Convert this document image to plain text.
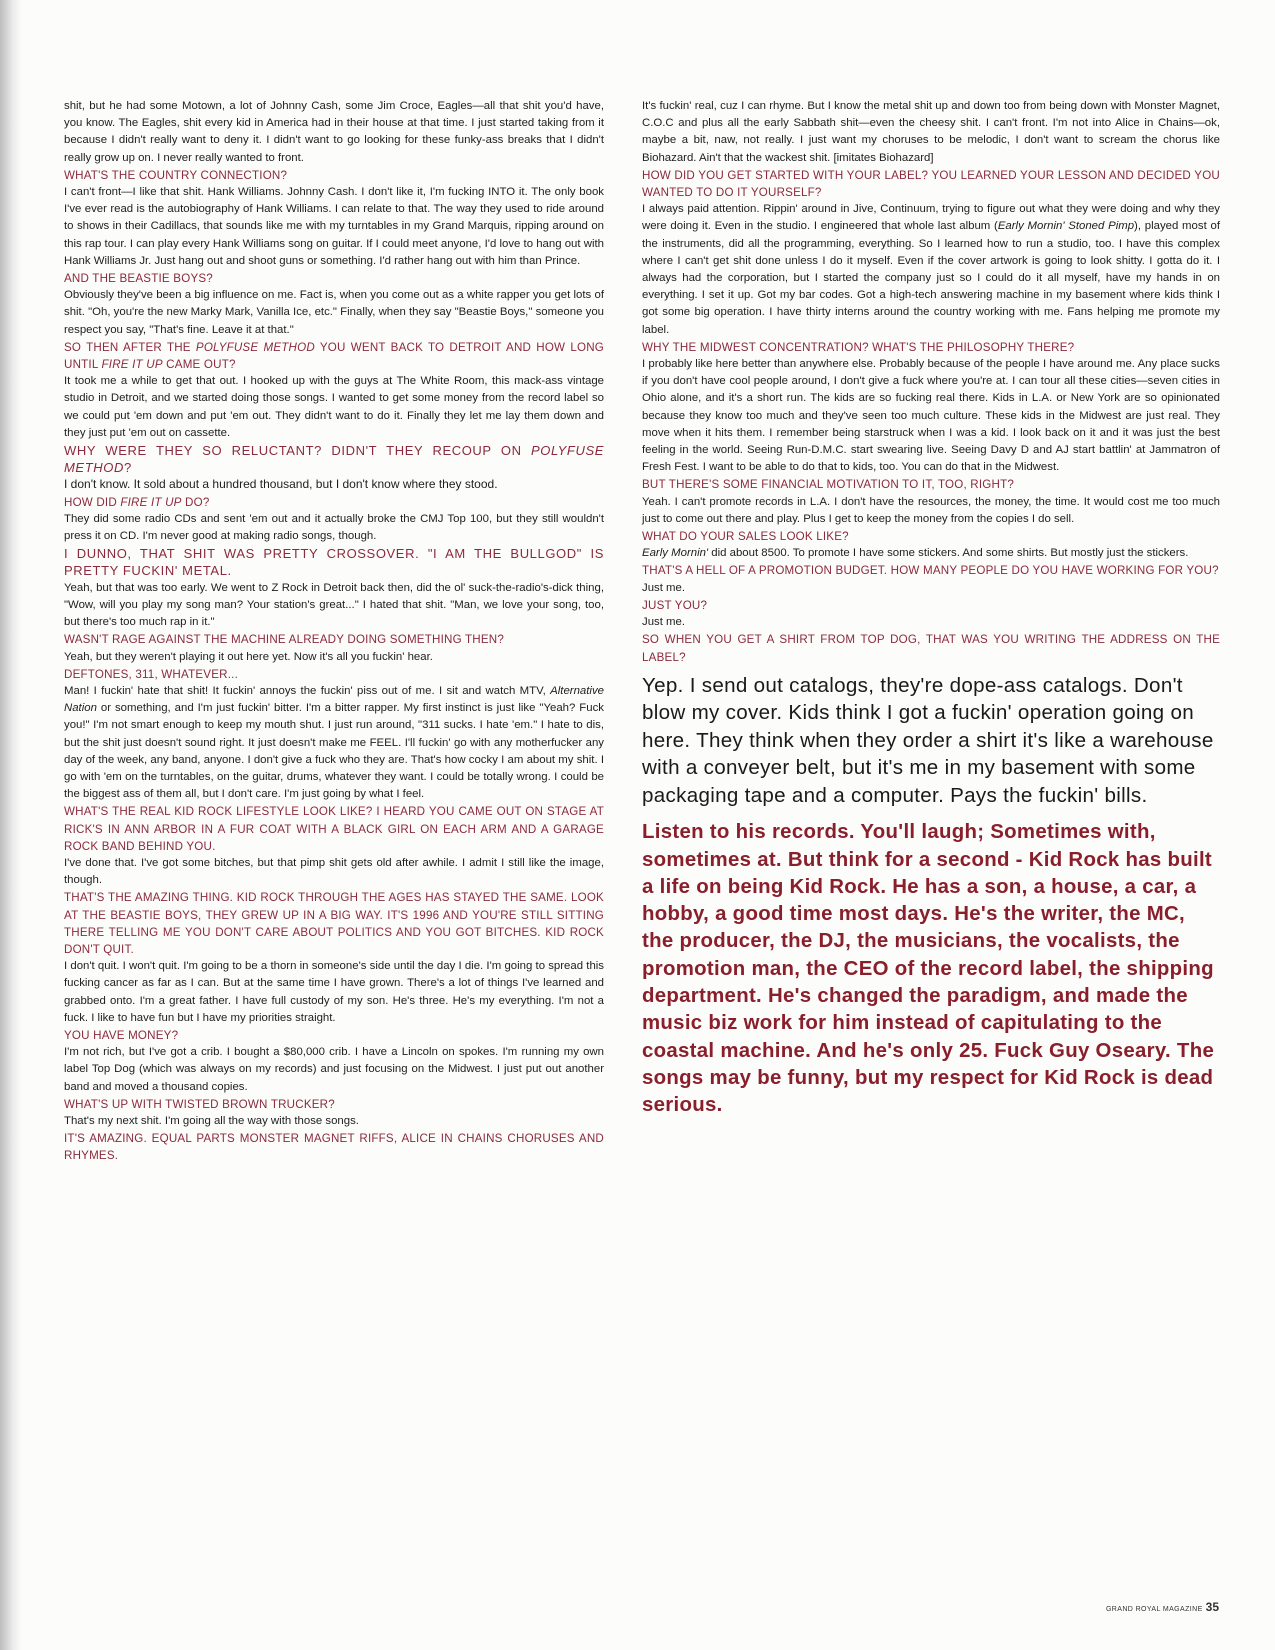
shit, but he had some Motown, a lot of Johnny Cash, some Jim Croce, Eagles—all that shit you'd have, you know. The Eagles, shit every kid in America had in their house at that time. I just started taking from it because I didn't really want to deny it. I didn't want to go looking for these funky-ass breaks that I didn't really grow up on. I never really wanted to front.

WHAT'S THE COUNTRY CONNECTION?

I can't front—I like that shit. Hank Williams. Johnny Cash. I don't like it, I'm fucking INTO it. The only book I've ever read is the autobiography of Hank Williams. I can relate to that. The way they used to ride around to shows in their Cadillacs, that sounds like me with my turntables in my Grand Marquis, ripping around on this rap tour. I can play every Hank Williams song on guitar. If I could meet anyone, I'd love to hang out with Hank Williams Jr. Just hang out and shoot guns or something. I'd rather hang out with him than Prince.

AND THE BEASTIE BOYS?

Obviously they've been a big influence on me. Fact is, when you come out as a white rapper you get lots of shit. "Oh, you're the new Marky Mark, Vanilla Ice, etc." Finally, when they say "Beastie Boys," someone you respect you say, "That's fine. Leave it at that."

SO THEN AFTER THE POLYFUSE METHOD YOU WENT BACK TO DETROIT AND HOW LONG UNTIL FIRE IT UP CAME OUT?

It took me a while to get that out. I hooked up with the guys at The White Room, this mack-ass vintage studio in Detroit, and we started doing those songs. I wanted to get some money from the record label so we could put 'em down and put 'em out. They didn't want to do it. Finally they let me lay them down and they just put 'em out on cassette.

WHY WERE THEY SO RELUCTANT? DIDN'T THEY RECOUP ON POLYFUSE METHOD?

I don't know. It sold about a hundred thousand, but I don't know where they stood.

HOW DID FIRE IT UP DO?

They did some radio CDs and sent 'em out and it actually broke the CMJ Top 100, but they still wouldn't press it on CD. I'm never good at making radio songs, though.

I DUNNO, THAT SHIT WAS PRETTY CROSSOVER. "I AM THE BULLGOD" IS PRETTY FUCKIN' METAL.

Yeah, but that was too early. We went to Z Rock in Detroit back then, did the ol' suck-the-radio's-dick thing, "Wow, will you play my song man? Your station's great..." I hated that shit. "Man, we love your song, too, but there's too much rap in it."

WASN'T RAGE AGAINST THE MACHINE ALREADY DOING SOMETHING THEN?

Yeah, but they weren't playing it out here yet. Now it's all you fuckin' hear.

DEFTONES, 311, WHATEVER...

Man! I fuckin' hate that shit! It fuckin' annoys the fuckin' piss out of me. I sit and watch MTV, Alternative Nation or something, and I'm just fuckin' bitter. I'm a bitter rapper. My first instinct is just like "Yeah? Fuck you!" I'm not smart enough to keep my mouth shut. I just run around, "311 sucks. I hate 'em." I hate to dis, but the shit just doesn't sound right. It just doesn't make me FEEL. I'll fuckin' go with any motherfucker any day of the week, any band, anyone. I don't give a fuck who they are. That's how cocky I am about my shit. I go with 'em on the turntables, on the guitar, drums, whatever they want. I could be totally wrong. I could be the biggest ass of them all, but I don't care. I'm just going by what I feel.

WHAT'S THE REAL KID ROCK LIFESTYLE LOOK LIKE? I HEARD YOU CAME OUT ON STAGE AT RICK'S IN ANN ARBOR IN A FUR COAT WITH A BLACK GIRL ON EACH ARM AND A GARAGE ROCK BAND BEHIND YOU.

I've done that. I've got some bitches, but that pimp shit gets old after awhile. I admit I still like the image, though.

THAT'S THE AMAZING THING. KID ROCK THROUGH THE AGES HAS STAYED THE SAME. LOOK AT THE BEASTIE BOYS, THEY GREW UP IN A BIG WAY. IT'S 1996 AND YOU'RE STILL SITTING THERE TELLING ME YOU DON'T CARE ABOUT POLITICS AND YOU GOT BITCHES. KID ROCK DON'T QUIT.

I don't quit. I won't quit. I'm going to be a thorn in someone's side until the day I die. I'm going to spread this fucking cancer as far as I can. But at the same time I have grown. There's a lot of things I've learned and grabbed onto. I'm a great father. I have full custody of my son. He's three. He's my everything. I'm not a fuck. I like to have fun but I have my priorities straight.

YOU HAVE MONEY?

I'm not rich, but I've got a crib. I bought a $80,000 crib. I have a Lincoln on spokes. I'm running my own label Top Dog (which was always on my records) and just focusing on the Midwest. I just put out another band and moved a thousand copies.

WHAT'S UP WITH TWISTED BROWN TRUCKER?

That's my next shit. I'm going all the way with those songs.

IT'S AMAZING. EQUAL PARTS MONSTER MAGNET RIFFS, ALICE IN CHAINS CHORUSES AND RHYMES.

It's fuckin' real, cuz I can rhyme. But I know the metal shit up and down too from being down with Monster Magnet, C.O.C and plus all the early Sabbath shit—even the cheesy shit. I can't front. I'm not into Alice in Chains—ok, maybe a bit, naw, not really. I just want my choruses to be melodic, I don't want to scream the chorus like Biohazard. Ain't that the wackest shit. [imitates Biohazard]

HOW DID YOU GET STARTED WITH YOUR LABEL? YOU LEARNED YOUR LESSON AND DECIDED YOU WANTED TO DO IT YOURSELF?

I always paid attention. Rippin' around in Jive, Continuum, trying to figure out what they were doing and why they were doing it. Even in the studio. I engineered that whole last album (Early Mornin' Stoned Pimp), played most of the instruments, did all the programming, everything. So I learned how to run a studio, too. I have this complex where I can't get shit done unless I do it myself. Even if the cover artwork is going to look shitty. I gotta do it. I always had the corporation, but I started the company just so I could do it all myself, have my hands in on everything. I set it up. Got my bar codes. Got a high-tech answering machine in my basement where kids think I got some big operation. I have thirty interns around the country working with me. Fans helping me promote my label.

WHY THE MIDWEST CONCENTRATION? WHAT'S THE PHILOSOPHY THERE?

I probably like here better than anywhere else. Probably because of the people I have around me. Any place sucks if you don't have cool people around, I don't give a fuck where you're at. I can tour all these cities—seven cities in Ohio alone, and it's a short run. The kids are so fucking real there. Kids in L.A. or New York are so opinionated because they know too much and they've seen too much culture. These kids in the Midwest are just real. They move when it hits them. I remember being starstruck when I was a kid. I look back on it and it was just the best feeling in the world. Seeing Run-D.M.C. start swearing live. Seeing Davy D and AJ start battlin' at Jammatron of Fresh Fest. I want to be able to do that to kids, too. You can do that in the Midwest.

BUT THERE'S SOME FINANCIAL MOTIVATION TO IT, TOO, RIGHT?

Yeah. I can't promote records in L.A. I don't have the resources, the money, the time. It would cost me too much just to come out there and play. Plus I get to keep the money from the copies I do sell.

WHAT DO YOUR SALES LOOK LIKE?

Early Mornin' did about 8500. To promote I have some stickers. And some shirts. But mostly just the stickers.

THAT'S A HELL OF A PROMOTION BUDGET. HOW MANY PEOPLE DO YOU HAVE WORKING FOR YOU?

Just me.

JUST YOU?

Just me.

SO WHEN YOU GET A SHIRT FROM TOP DOG, THAT WAS YOU WRITING THE ADDRESS ON THE LABEL?

Yep. I send out catalogs, they're dope-ass catalogs. Don't blow my cover. Kids think I got a fuckin' operation going on here. They think when they order a shirt it's like a warehouse with a conveyer belt, but it's me in my basement with some packaging tape and a computer. Pays the fuckin' bills.

Listen to his records. You'll laugh; Sometimes with, sometimes at. But think for a second - Kid Rock has built a life on being Kid Rock. He has a son, a house, a car, a hobby, a good time most days. He's the writer, the MC, the producer, the DJ, the musicians, the vocalists, the promotion man, the CEO of the record label, the shipping department. He's changed the paradigm, and made the music biz work for him instead of capitulating to the coastal machine. And he's only 25. Fuck Guy Oseary. The songs may be funny, but my respect for Kid Rock is dead serious.

GRAND ROYAL MAGAZINE 35
